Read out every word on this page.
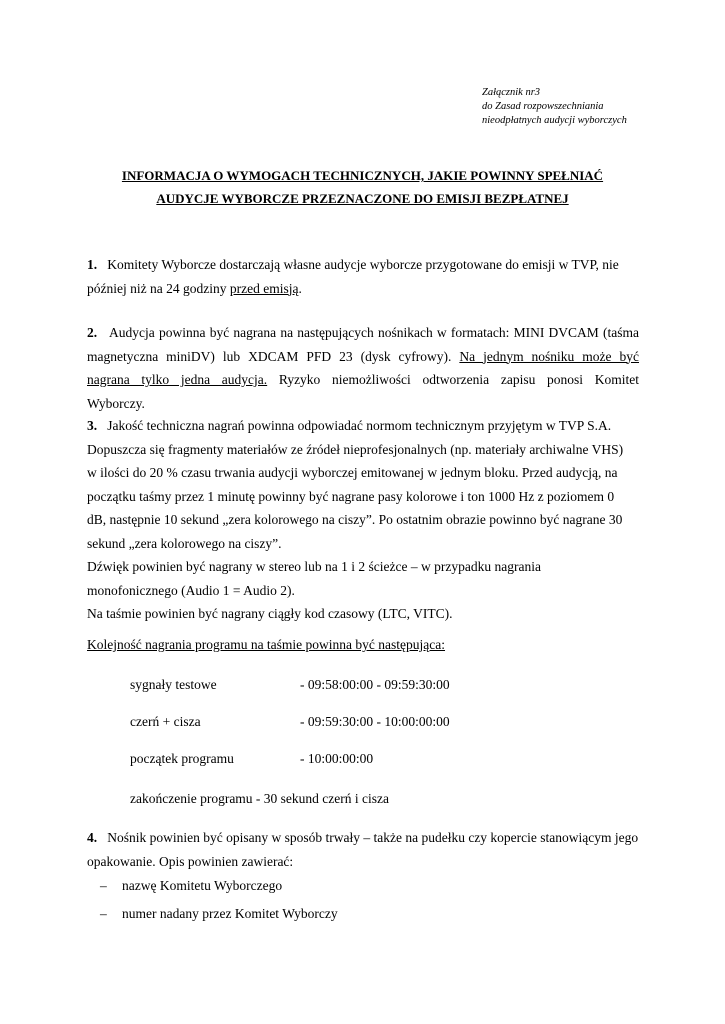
Załącznik nr3
do Zasad rozpowszechniania
nieodpłatnych audycji wyborczych
INFORMACJA O WYMOGACH TECHNICZNYCH, JAKIE POWINNY SPEŁNIAĆ
AUDYCJE WYBORCZE PRZEZNACZONE DO EMISJI BEZPŁATNEJ
1. Komitety Wyborcze dostarczają własne audycje wyborcze przygotowane do emisji w TVP, nie
później niż na 24 godziny przed emisją.
2. Audycja powinna być nagrana na następujących nośnikach w formatach: MINI DVCAM (taśma
magnetyczna miniDV) lub XDCAM PFD 23 (dysk cyfrowy). Na jednym nośniku może być
nagrana tylko jedna audycja. Ryzyko niemożliwości odtworzenia zapisu ponosi Komitet
Wyborczy.
3. Jakość techniczna nagrań powinna odpowiadać normom technicznym przyjętym w TVP S.A.
Dopuszcza się fragmenty materiałów ze źródeł nieprofesjonalnych (np. materiały archiwalne VHS)
w ilości do 20 % czasu trwania audycji wyborczej emitowanej w jednym bloku. Przed audycją, na
początku taśmy przez 1 minutę powinny być nagrane pasy kolorowe i ton 1000 Hz z poziomem 0
dB, następnie 10 sekund „zera kolorowego na ciszy”. Po ostatnim obrazie powinno być nagrane 30
sekund „zera kolorowego na ciszy”.
Dźwięk powinien być nagrany w stereo lub na 1 i 2 ścieżce – w przypadku nagrania
monofonicznego (Audio 1 = Audio 2).
Na taśmie powinien być nagrany ciągły kod czasowy (LTC, VITC).
Kolejność nagrania programu na taśmie powinna być następująca:
sygnały testowe	- 09:58:00:00 - 09:59:30:00
czerń + cisza	- 09:59:30:00 - 10:00:00:00
początek programu	- 10:00:00:00
zakończenie programu - 30 sekund czerń i cisza
4. Nośnik powinien być opisany w sposób trwały – także na pudełku czy kopercie stanowiącym jego
opakowanie. Opis powinien zawierać:
– nazwę Komitetu Wyborczego
– numer nadany przez Komitet Wyborczy
